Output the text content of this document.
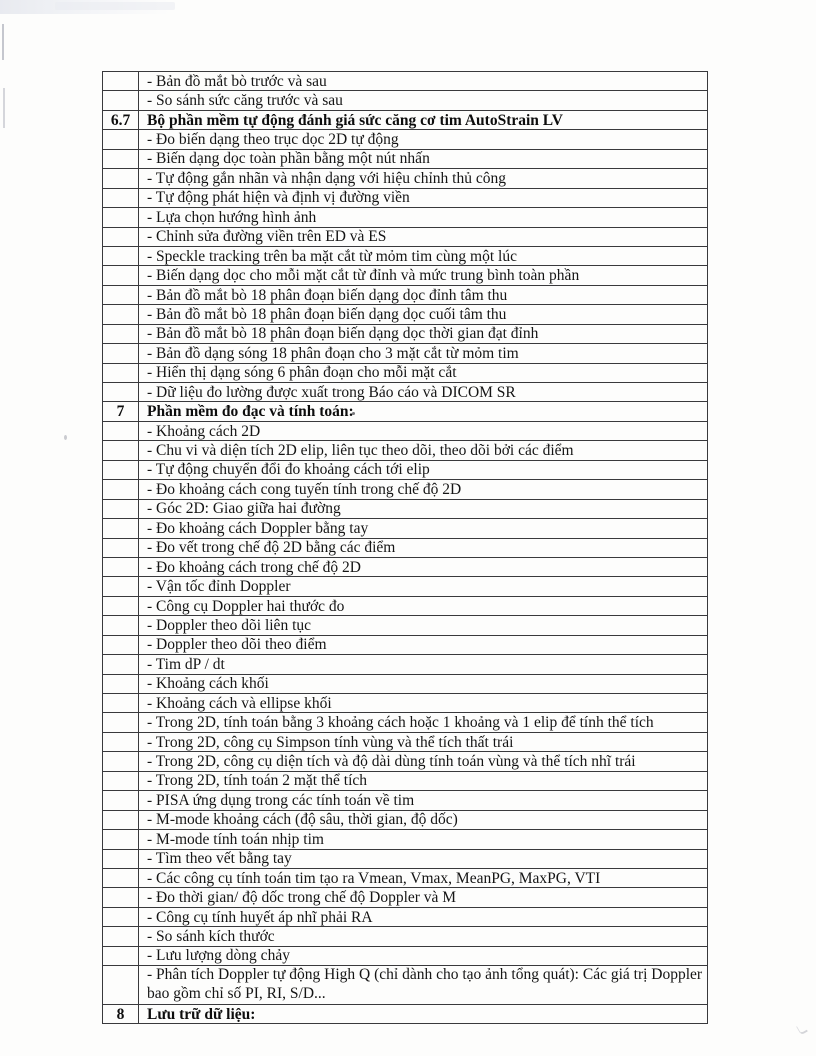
	- Bản đồ mắt bò trước và sau
	- So sánh sức căng trước và sau
6.7	Bộ phần mềm tự động đánh giá sức căng cơ tim AutoStrain LV
	- Đo biến dạng theo trục dọc 2D tự động
	- Biến dạng dọc toàn phần bằng một nút nhấn
	- Tự động gắn nhãn và nhận dạng với hiệu chỉnh thủ công
	- Tự động phát hiện và định vị đường viền
	- Lựa chọn hướng hình ảnh
	- Chỉnh sửa đường viền trên ED và ES
	- Speckle tracking trên ba mặt cắt từ mỏm tim cùng một lúc
	- Biến dạng dọc cho mỗi mặt cắt từ đỉnh và mức trung bình toàn phần
	- Bản đồ mắt bò 18 phân đoạn biến dạng dọc đỉnh tâm thu
	- Bản đồ mắt bò 18 phân đoạn biến dạng dọc cuối tâm thu
	- Bản đồ mắt bò 18 phân đoạn biến dạng dọc thời gian đạt đỉnh
	- Bản đồ dạng sóng 18 phân đoạn cho 3 mặt cắt từ mỏm tim
	- Hiển thị dạng sóng 6 phân đoạn cho mỗi mặt cắt
	- Dữ liệu đo lường được xuất trong Báo cáo và DICOM SR
7	Phần mềm đo đạc và tính toán:
	- Khoảng cách 2D
	- Chu vi và diện tích 2D elip, liên tục theo dõi, theo dõi bởi các điểm
	- Tự động chuyển đổi đo khoảng cách tới elip
	- Đo khoảng cách cong tuyến tính trong chế độ 2D
	- Góc 2D: Giao giữa hai đường
	- Đo khoảng cách Doppler bằng tay
	- Đo vết trong chế độ 2D bằng các điểm
	- Đo khoảng cách trong chế độ 2D
	- Vận tốc đỉnh Doppler
	- Công cụ Doppler hai thước đo
	- Doppler theo dõi liên tục
	- Doppler theo dõi theo điểm
	- Tim dP / dt
	- Khoảng cách khối
	- Khoảng cách và ellipse khối
	- Trong 2D, tính toán bằng 3 khoảng cách hoặc 1 khoảng và 1 elip để tính thể tích
	- Trong 2D, công cụ Simpson tính vùng và thể tích thất trái
	- Trong 2D, công cụ diện tích và độ dài dùng tính toán vùng và thể tích nhĩ trái
	- Trong 2D, tính toán 2 mặt thể tích
	- PISA ứng dụng trong các tính toán về tim
	- M-mode khoảng cách (độ sâu, thời gian, độ dốc)
	- M-mode tính toán nhịp tim
	- Tìm theo vết bằng tay
	- Các công cụ tính toán tim tạo ra Vmean, Vmax, MeanPG, MaxPG, VTI
	- Đo thời gian/ độ dốc trong chế độ Doppler và M
	- Công cụ tính huyết áp nhĩ phải RA
	- So sánh kích thước
	- Lưu lượng dòng chảy
	- Phân tích Doppler tự động High Q (chỉ dành cho tạo ảnh tổng quát): Các giá trị Doppler bao gồm chỉ số PI, RI, S/D...
8	Lưu trữ dữ liệu:
